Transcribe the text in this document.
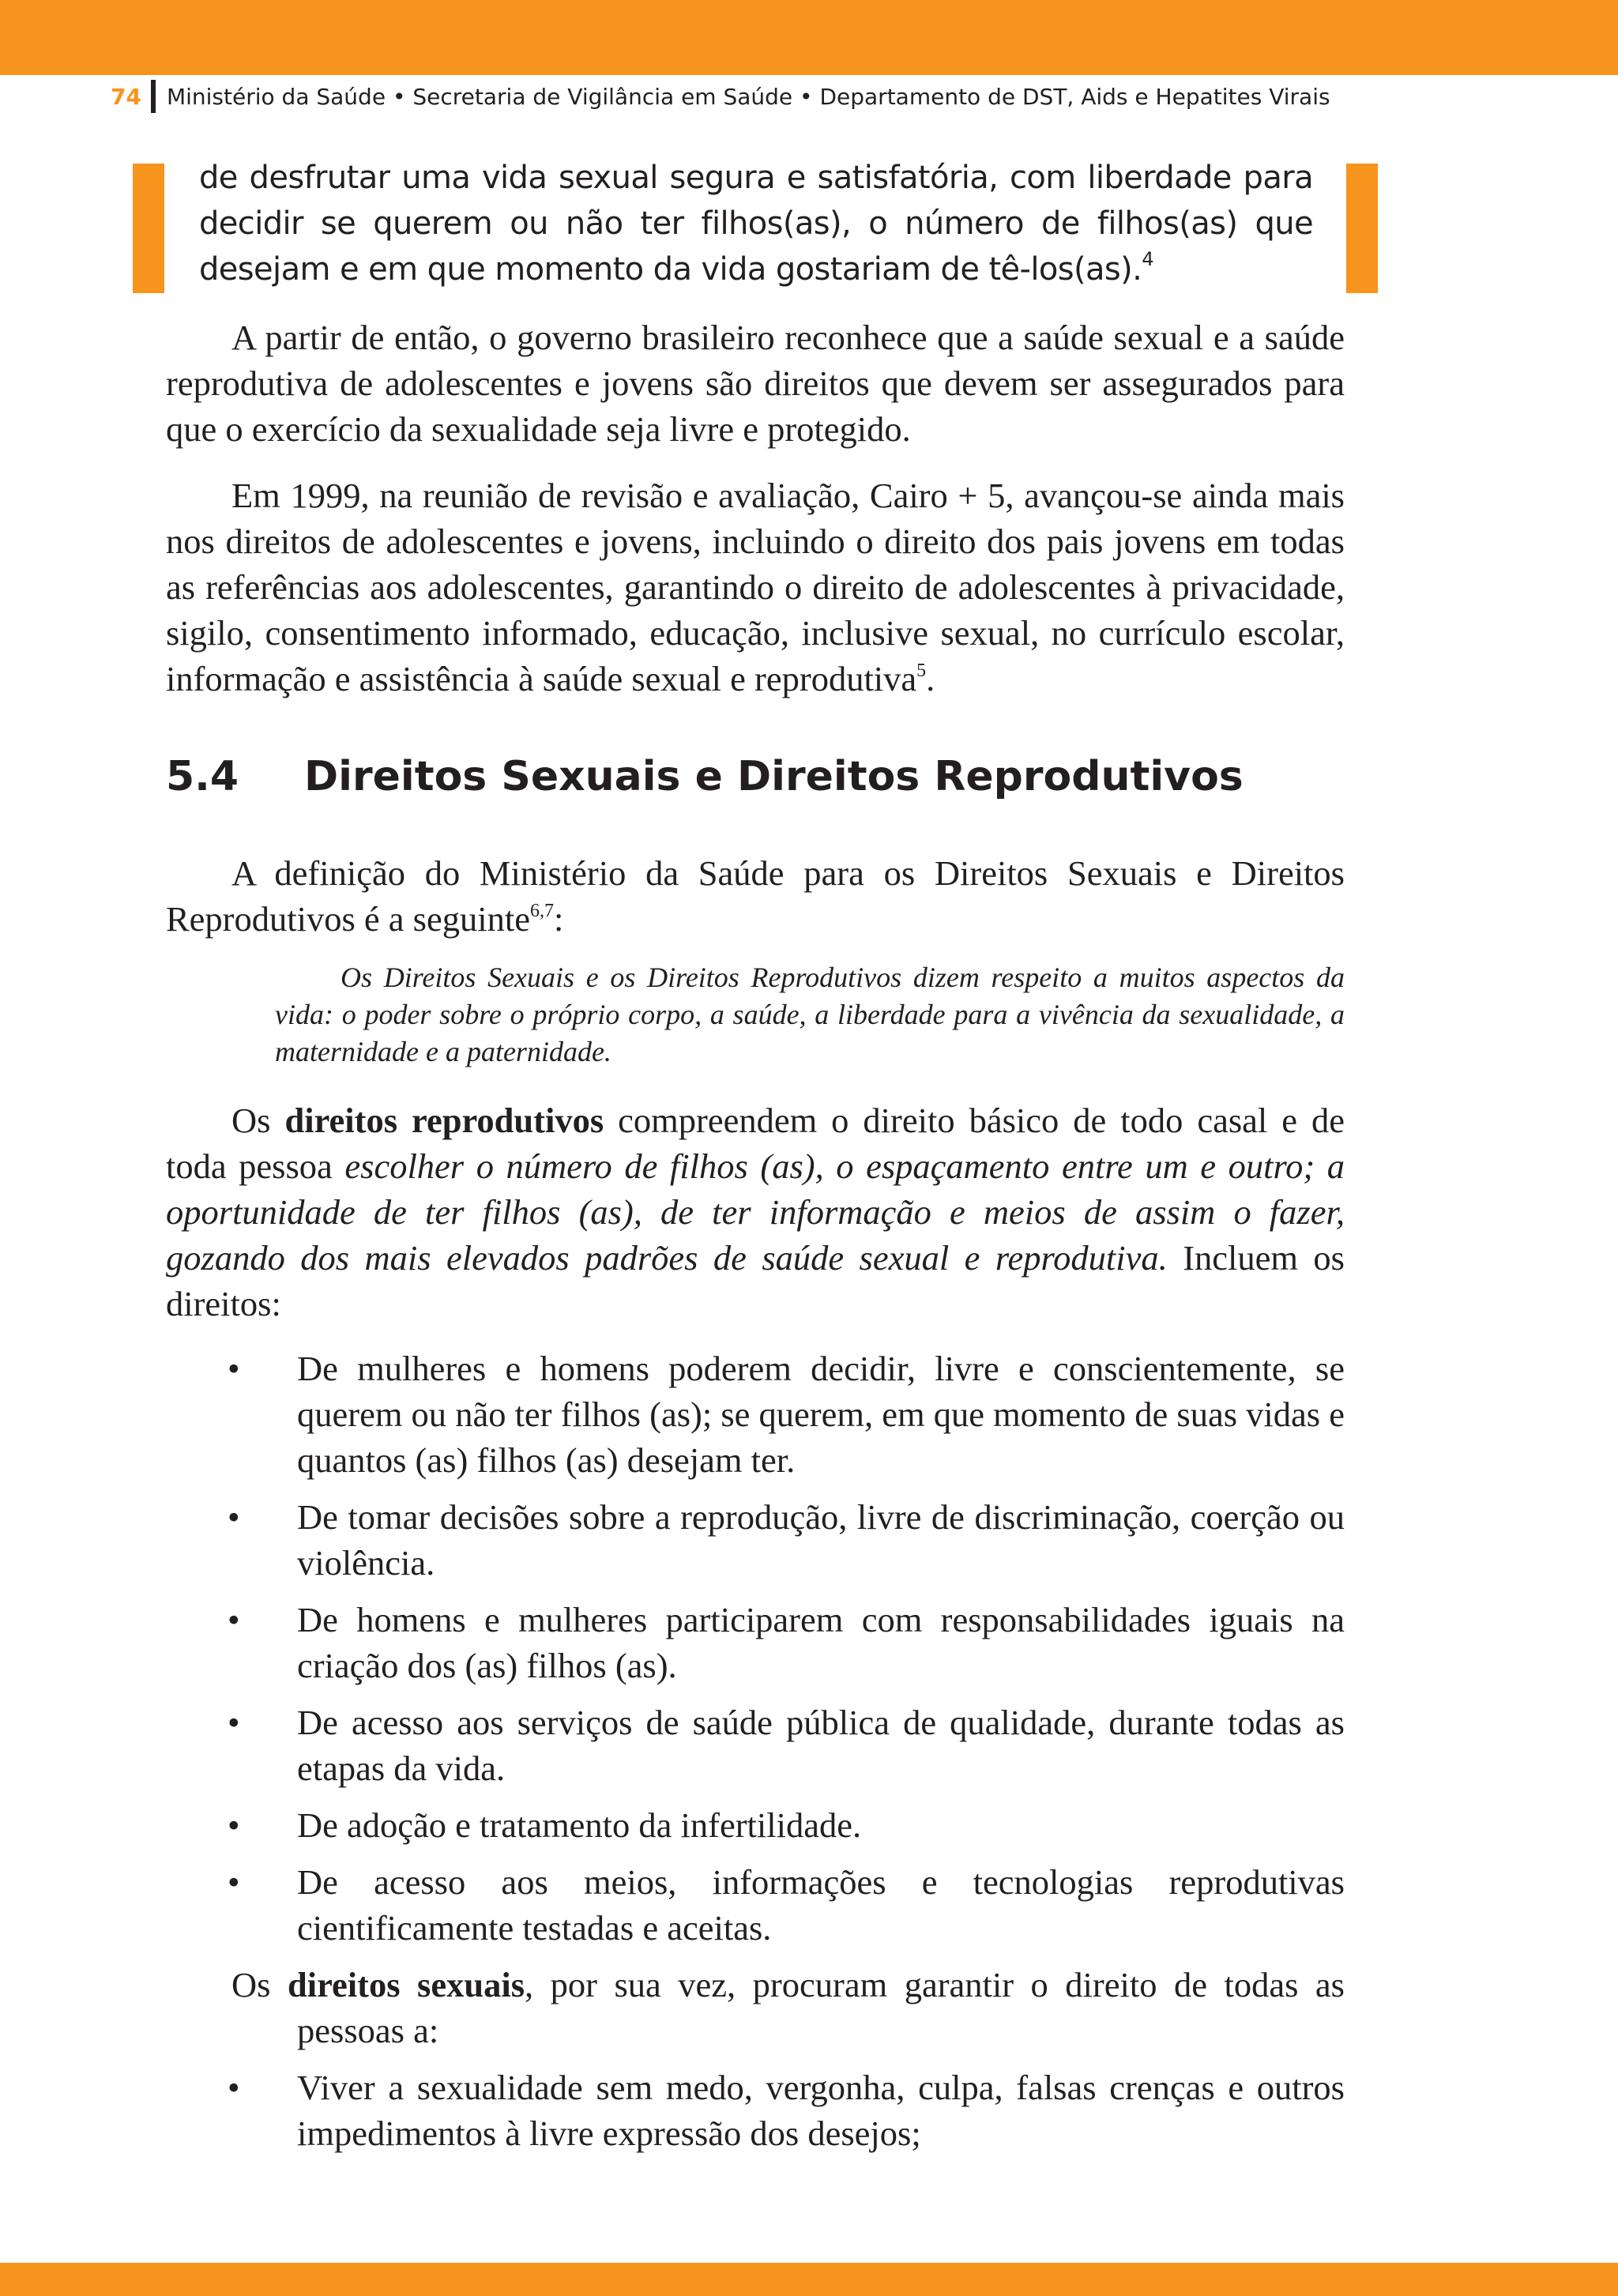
74 Ministério da Saúde • Secretaria de Vigilância em Saúde • Departamento de DST, Aids e Hepatites Virais
de desfrutar uma vida sexual segura e satisfatória, com liberdade para decidir se querem ou não ter filhos(as), o número de filhos(as) que desejam e em que momento da vida gostariam de tê-los(as).$^4$

A partir de então, o governo brasileiro reconhece que a saúde sexual e a saúde reprodutiva de adolescentes e jovens são direitos que devem ser assegurados para que o exercício da sexualidade seja livre e protegido.

Em 1999, na reunião de revisão e avaliação, Cairo + 5, avançou-se ainda mais nos direitos de adolescentes e jovens, incluindo o direito dos pais jovens em todas as referências aos adolescentes, garantindo o direito de adolescentes à privacidade, sigilo, consentimento informado, educação, inclusive sexual, no currículo escolar, informação e assistência à saúde sexual e reprodutiva$^5$.

5.4	Direitos Sexuais e Direitos Reprodutivos

A definição do Ministério da Saúde para os Direitos Sexuais e Direitos Reprodutivos é a seguinte$^{6,7}$:

Os Direitos Sexuais e os Direitos Reprodutivos dizem respeito a muitos aspectos da vida: o poder sobre o próprio corpo, a saúde, a liberdade para a vivência da sexualidade, a maternidade e a paternidade.

Os direitos reprodutivos compreendem o direito básico de todo casal e de toda pessoa escolher o número de filhos (as), o espaçamento entre um e outro; a oportunidade de ter filhos (as), de ter informação e meios de assim o fazer, gozando dos mais elevados padrões de saúde sexual e reprodutiva. Incluem os direitos:

• De mulheres e homens poderem decidir, livre e conscientemente, se querem ou não ter filhos (as); se querem, em que momento de suas vidas e quantos (as) filhos (as) desejam ter.
• De tomar decisões sobre a reprodução, livre de discriminação, coerção ou violência.
• De homens e mulheres participarem com responsabilidades iguais na criação dos (as) filhos (as).
• De acesso aos serviços de saúde pública de qualidade, durante todas as etapas da vida.
• De adoção e tratamento da infertilidade.
• De acesso aos meios, informações e tecnologias reprodutivas cientificamente testadas e aceitas.

Os direitos sexuais, por sua vez, procuram garantir o direito de todas as pessoas a:

• Viver a sexualidade sem medo, vergonha, culpa, falsas crenças e outros impedimentos à livre expressão dos desejos;
